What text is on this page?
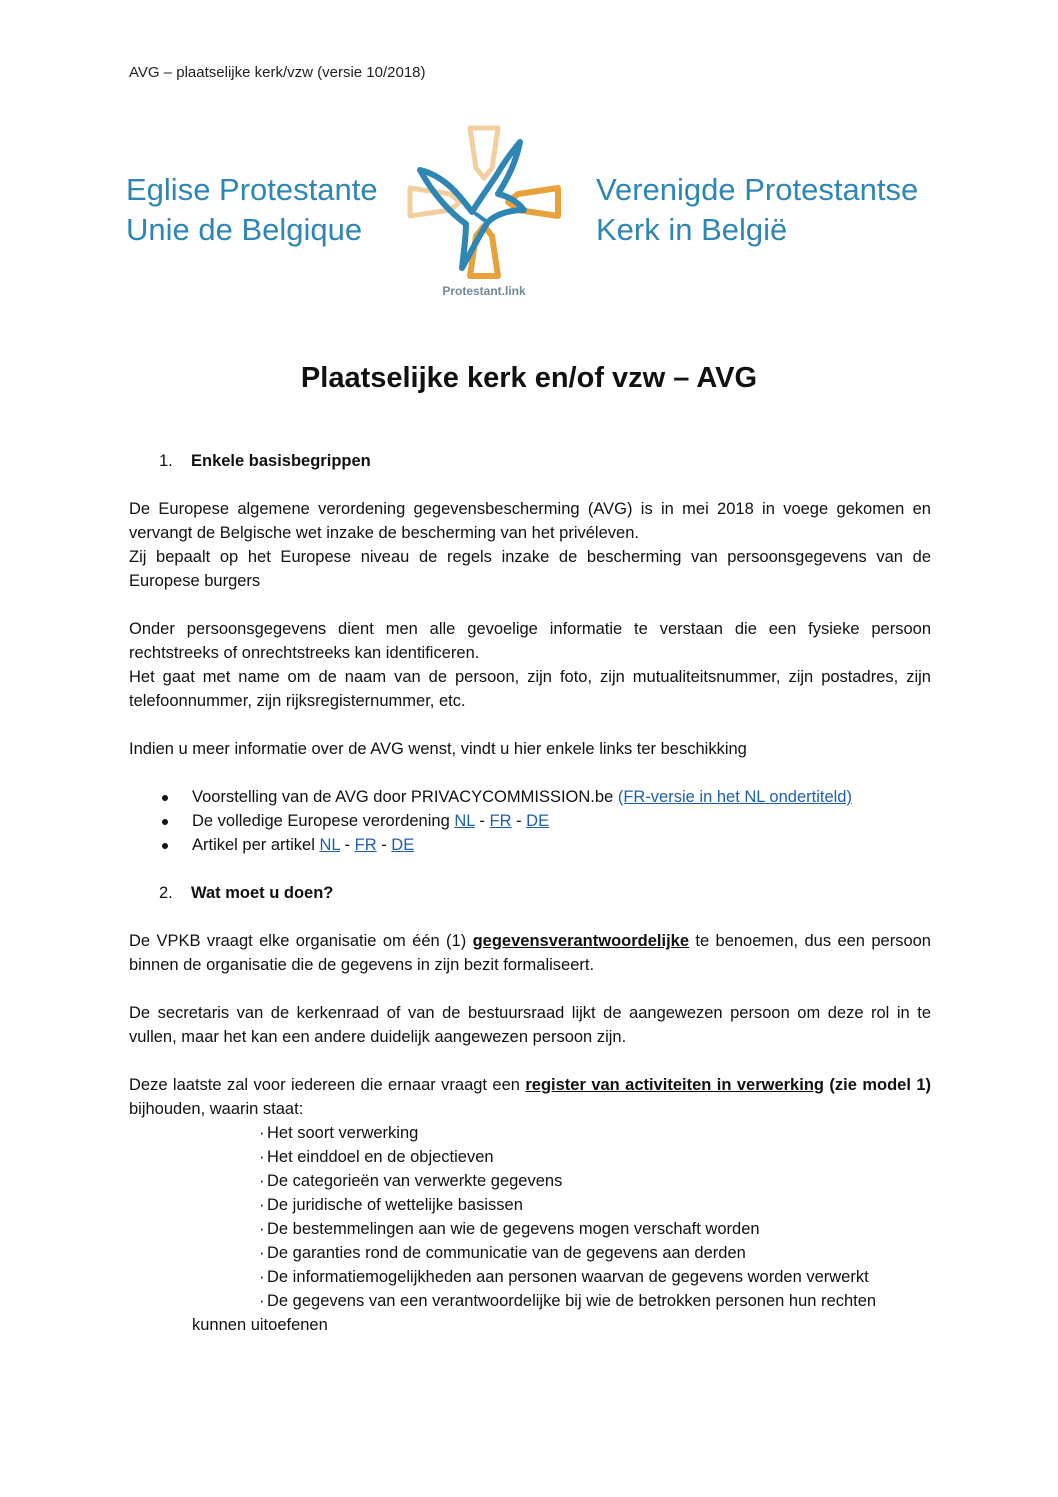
AVG – plaatselijke kerk/vzw (versie 10/2018)
Eglise Protestante
Unie de Belgique
Protestant.link
Verenigde Protestantse
Kerk in België
Plaatselijke kerk en/of vzw – AVG

1. Enkele basisbegrippen

De Europese algemene verordening gegevensbescherming (AVG) is in mei 2018 in voege gekomen en vervangt de Belgische wet inzake de bescherming van het privéleven.

Zij bepaalt op het Europese niveau de regels inzake de bescherming van persoonsgegevens van de Europese burgers

Onder persoonsgegevens dient men alle gevoelige informatie te verstaan die een fysieke persoon rechtstreeks of onrechtstreeks kan identificeren.

Het gaat met name om de naam van de persoon, zijn foto, zijn mutualiteitsnummer, zijn postadres, zijn telefoonnummer, zijn rijksregisternummer, etc.

Indien u meer informatie over de AVG wenst, vindt u hier enkele links ter beschikking

Voorstelling van de AVG door PRIVACYCOMMISSION.be (FR-versie in het NL ondertiteld)
De volledige Europese verordening NL - FR - DE
Artikel per artikel NL - FR - DE

2. Wat moet u doen?

De VPKB vraagt elke organisatie om één (1) gegevensverantwoordelijke te benoemen, dus een persoon binnen de organisatie die de gegevens in zijn bezit formaliseert.

De secretaris van de kerkenraad of van de bestuursraad lijkt de aangewezen persoon om deze rol in te vullen, maar het kan een andere duidelijk aangewezen persoon zijn.

Deze laatste zal voor iedereen die ernaar vraagt een register van activiteiten in verwerking (zie model 1) bijhouden, waarin staat:

· Het soort verwerking
· Het einddoel en de objectieven
· De categorieën van verwerkte gegevens
· De juridische of wettelijke basissen
· De bestemmelingen aan wie de gegevens mogen verschaft worden
· De garanties rond de communicatie van de gegevens aan derden
· De informatiemogelijkheden aan personen waarvan de gegevens worden verwerkt
· De gegevens van een verantwoordelijke bij wie de betrokken personen hun rechten

kunnen uitoefenen
